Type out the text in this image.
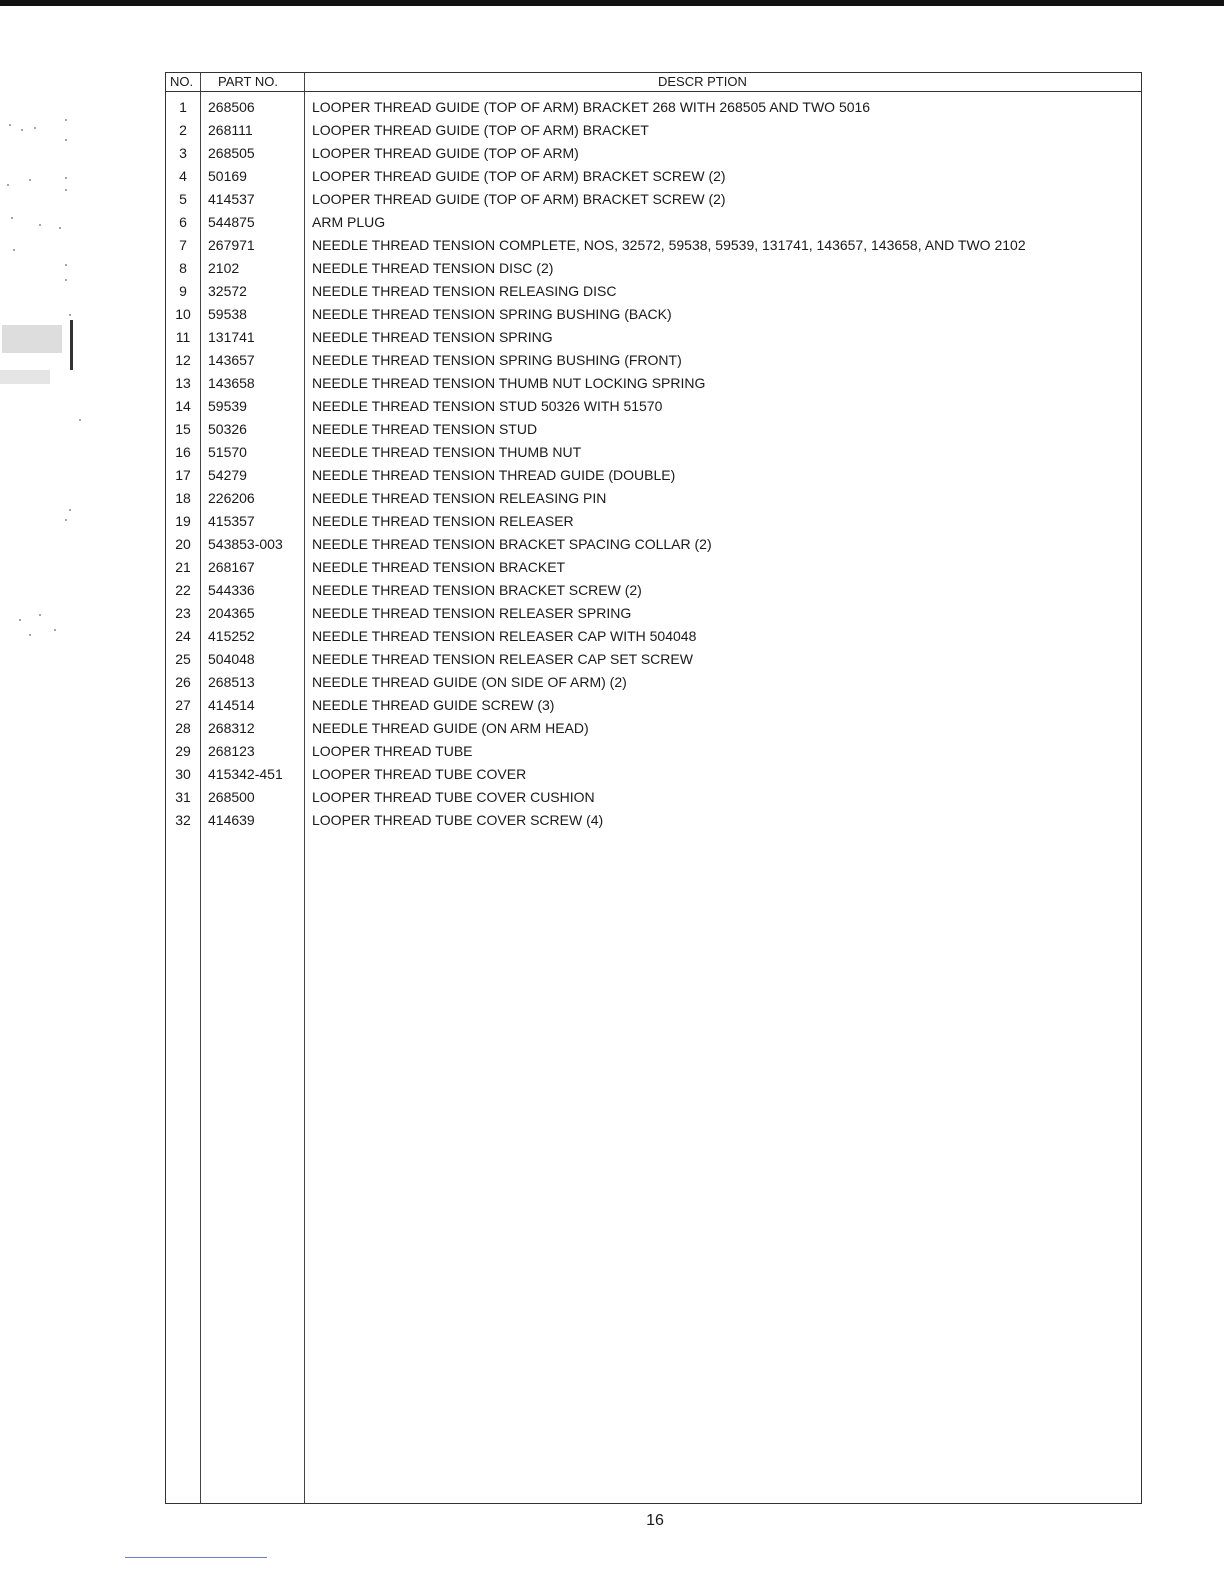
NO. PART NO.	DESCR PTION
1	268506	LOOPER THREAD GUIDE (TOP OF ARM) BRACKET 268 WITH 268505 AND TWO 5016
2	268111	LOOPER THREAD GUIDE (TOP OF ARM) BRACKET
3	268505	LOOPER THREAD GUIDE (TOP OF ARM)
4	50169	LOOPER THREAD GUIDE (TOP OF ARM) BRACKET SCREW (2)
5	414537	LOOPER THREAD GUIDE (TOP OF ARM) BRACKET SCREW (2)
6	544875	ARM PLUG
7	267971	NEEDLE THREAD TENSION COMPLETE, NOS, 32572, 59538, 59539, 131741, 143657, 143658, AND TWO 2102
8	2102	NEEDLE THREAD TENSION DISC (2)
9	32572	NEEDLE THREAD TENSION RELEASING DISC
10	59538	NEEDLE THREAD TENSION SPRING BUSHING (BACK)
11	131741	NEEDLE THREAD TENSION SPRING
12	143657	NEEDLE THREAD TENSION SPRING BUSHING (FRONT)
13	143658	NEEDLE THREAD TENSION THUMB NUT LOCKING SPRING
14	59539	NEEDLE THREAD TENSION STUD 50326 WITH 51570
15	50326	NEEDLE THREAD TENSION STUD
16	51570	NEEDLE THREAD TENSION THUMB NUT
17	54279	NEEDLE THREAD TENSION THREAD GUIDE (DOUBLE)
18	226206	NEEDLE THREAD TENSION RELEASING PIN
19	415357	NEEDLE THREAD TENSION RELEASER
20	543853-003	NEEDLE THREAD TENSION BRACKET SPACING COLLAR (2)
21	268167	NEEDLE THREAD TENSION BRACKET
22	544336	NEEDLE THREAD TENSION BRACKET SCREW (2)
23	204365	NEEDLE THREAD TENSION RELEASER SPRING
24	415252	NEEDLE THREAD TENSION RELEASER CAP WITH 504048
25	504048	NEEDLE THREAD TENSION RELEASER CAP SET SCREW
26	268513	NEEDLE THREAD GUIDE (ON SIDE OF ARM) (2)
27	414514	NEEDLE THREAD GUIDE SCREW (3)
28	268312	NEEDLE THREAD GUIDE (ON ARM HEAD)
29	268123	LOOPER THREAD TUBE
30	415342-451	LOOPER THREAD TUBE COVER
31	268500	LOOPER THREAD TUBE COVER CUSHION
32	414639	LOOPER THREAD TUBE COVER SCREW (4)
16
